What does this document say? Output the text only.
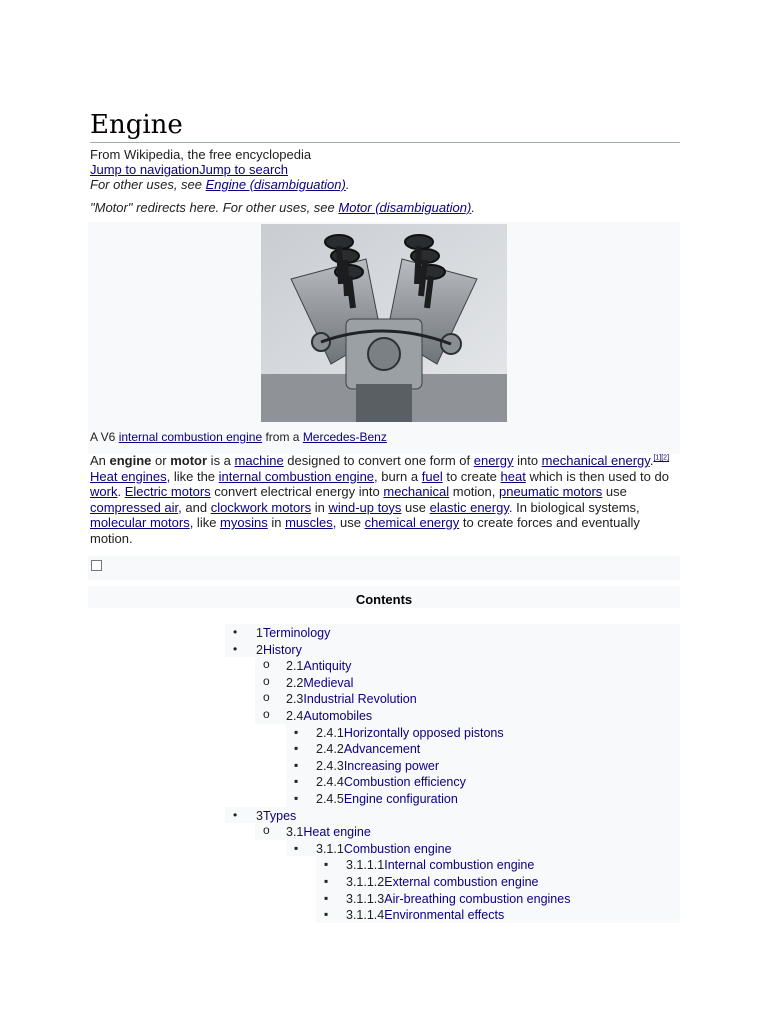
Engine
From Wikipedia, the free encyclopedia
Jump to navigationJump to search
For other uses, see Engine (disambiguation).
"Motor" redirects here. For other uses, see Motor (disambiguation).
A V6 internal combustion engine from a Mercedes-Benz
An engine or motor is a machine designed to convert one form of energy into mechanical energy.[1][2] Heat engines, like the internal combustion engine, burn a fuel to create heat which is then used to do work. Electric motors convert electrical energy into mechanical motion, pneumatic motors use compressed air, and clockwork motors in wind-up toys use elastic energy. In biological systems, molecular motors, like myosins in muscles, use chemical energy to create forces and eventually motion.
Contents
• 1Terminology
• 2History
o 2.1Antiquity
o 2.2Medieval
o 2.3Industrial Revolution
o 2.4Automobiles
▪ 2.4.1Horizontally opposed pistons
▪ 2.4.2Advancement
▪ 2.4.3Increasing power
▪ 2.4.4Combustion efficiency
▪ 2.4.5Engine configuration
• 3Types
o 3.1Heat engine
▪ 3.1.1Combustion engine
▪ 3.1.1.1Internal combustion engine
▪ 3.1.1.2External combustion engine
▪ 3.1.1.3Air-breathing combustion engines
▪ 3.1.1.4Environmental effects
